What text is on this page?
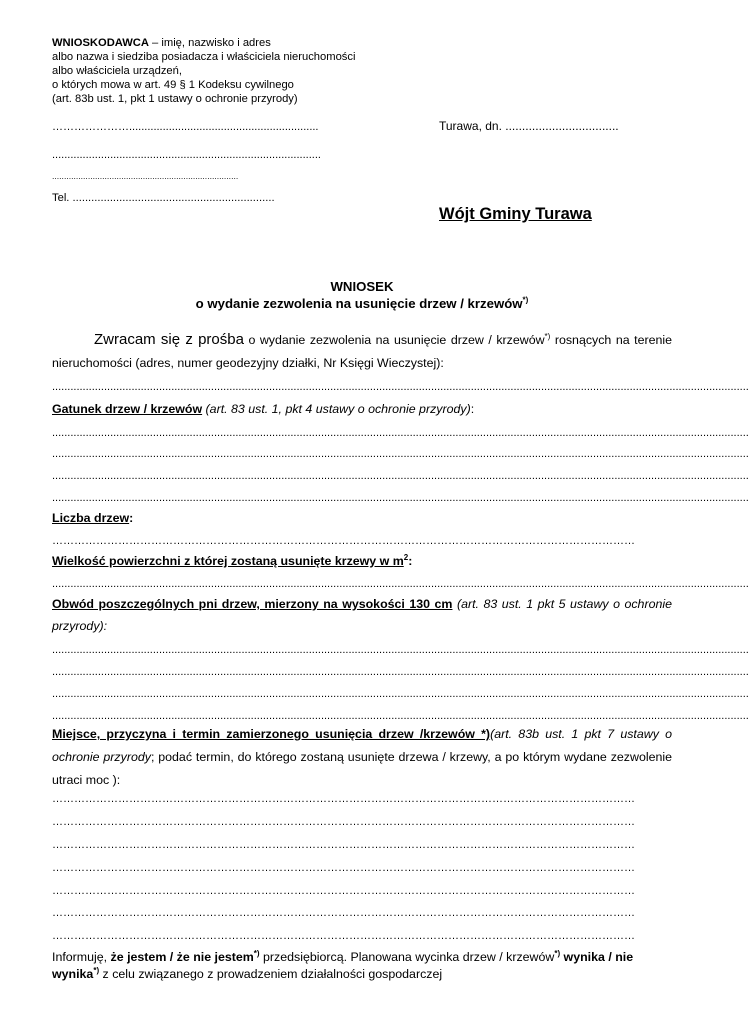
WNIOSKODAWCA – imię, nazwisko i adres
albo nazwa i siedziba posiadacza i właściciela nieruchomości
albo właściciela urządzeń,
o których mowa w art. 49 § 1 Kodeksu cywilnego
(art. 83b ust. 1, pkt 1 ustawy o ochronie przyrody)
…………………..............................................................
........................................................................................
..............................................................................
Tel. .................................................................
Turawa, dn. ..................................
Wójt Gminy Turawa
WNIOSEK
o wydanie zezwolenia na usunięcie drzew / krzewów*)
Zwracam się z prośba o wydanie zezwolenia na usunięcie drzew / krzewów*) rosnących na terenie nieruchomości (adres, numer geodezyjny działki, Nr Księgi Wieczystej):
....................................................................................................................................................................................................................................
Gatunek drzew / krzewów (art. 83 ust. 1, pkt 4 ustawy o ochronie przyrody):
....................................................................................................................................................................................................................................
....................................................................................................................................................................................................................................
....................................................................................................................................................................................................................................
....................................................................................................................................................................................................................................
Liczba drzew:
……………………………………………………………………………………………………………………………………………
Wielkość powierzchni z której zostaną usunięte krzewy w $m^2$:
....................................................................................................................................................................................................................................
Obwód poszczególnych pni drzew, mierzony na wysokości 130 cm (art. 83 ust. 1 pkt 5 ustawy o ochronie przyrody):
....................................................................................................................................................................................................................................
....................................................................................................................................................................................................................................
....................................................................................................................................................................................................................................
....................................................................................................................................................................................................................................
Miejsce, przyczyna i termin zamierzonego usunięcia drzew /krzewów *)(art. 83b ust. 1 pkt 7 ustawy o ochronie przyrody; podać termin, do którego zostaną usunięte drzewa / krzewy, a po którym wydane zezwolenie utraci moc ):
……………………………………………………………………………………………………………………………………………
……………………………………………………………………………………………………………………………………………
……………………………………………………………………………………………………………………………………………
……………………………………………………………………………………………………………………………………………
……………………………………………………………………………………………………………………………………………
……………………………………………………………………………………………………………………………………………
……………………………………………………………………………………………………………………………………………
Informuję, że jestem / że nie jestem*) przedsiębiorcą. Planowana wycinka drzew / krzewów*) wynika / nie wynika*) z celu związanego z prowadzeniem działalności gospodarczej
